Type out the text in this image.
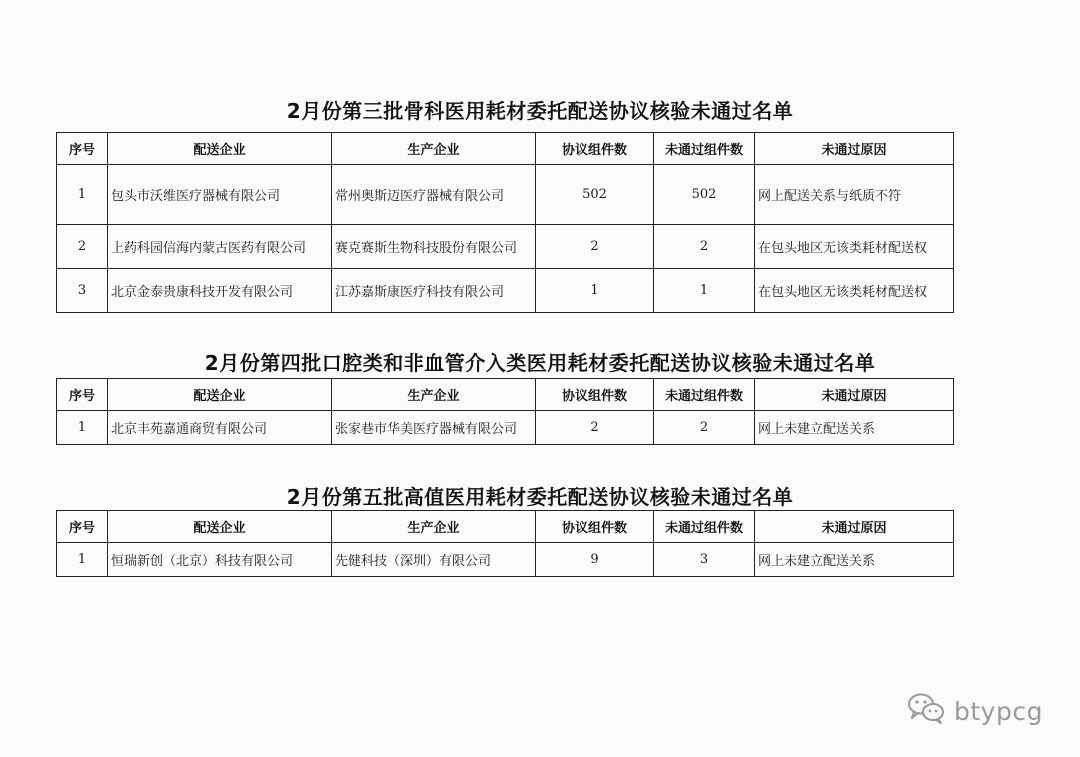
2月份第三批骨科医用耗材委托配送协议核验未通过名单
序号	配送企业	生产企业	协议组件数	未通过组件数	未通过原因
1	包头市沃维医疗器械有限公司	常州奥斯迈医疗器械有限公司	502	502	网上配送关系与纸质不符
2	上药科园信海内蒙古医药有限公司	赛克赛斯生物科技股份有限公司	2	2	在包头地区无该类耗材配送权
3	北京金泰贵康科技开发有限公司	江苏嘉斯康医疗科技有限公司	1	1	在包头地区无该类耗材配送权
2月份第四批口腔类和非血管介入类医用耗材委托配送协议核验未通过名单
序号	配送企业	生产企业	协议组件数	未通过组件数	未通过原因
1	北京丰苑嘉通商贸有限公司	张家巷市华美医疗器械有限公司	2	2	网上未建立配送关系
2月份第五批高值医用耗材委托配送协议核验未通过名单
序号	配送企业	生产企业	协议组件数	未通过组件数	未通过原因
1	恒瑞新创（北京）科技有限公司	先健科技（深圳）有限公司	9	3	网上未建立配送关系
btypcg
